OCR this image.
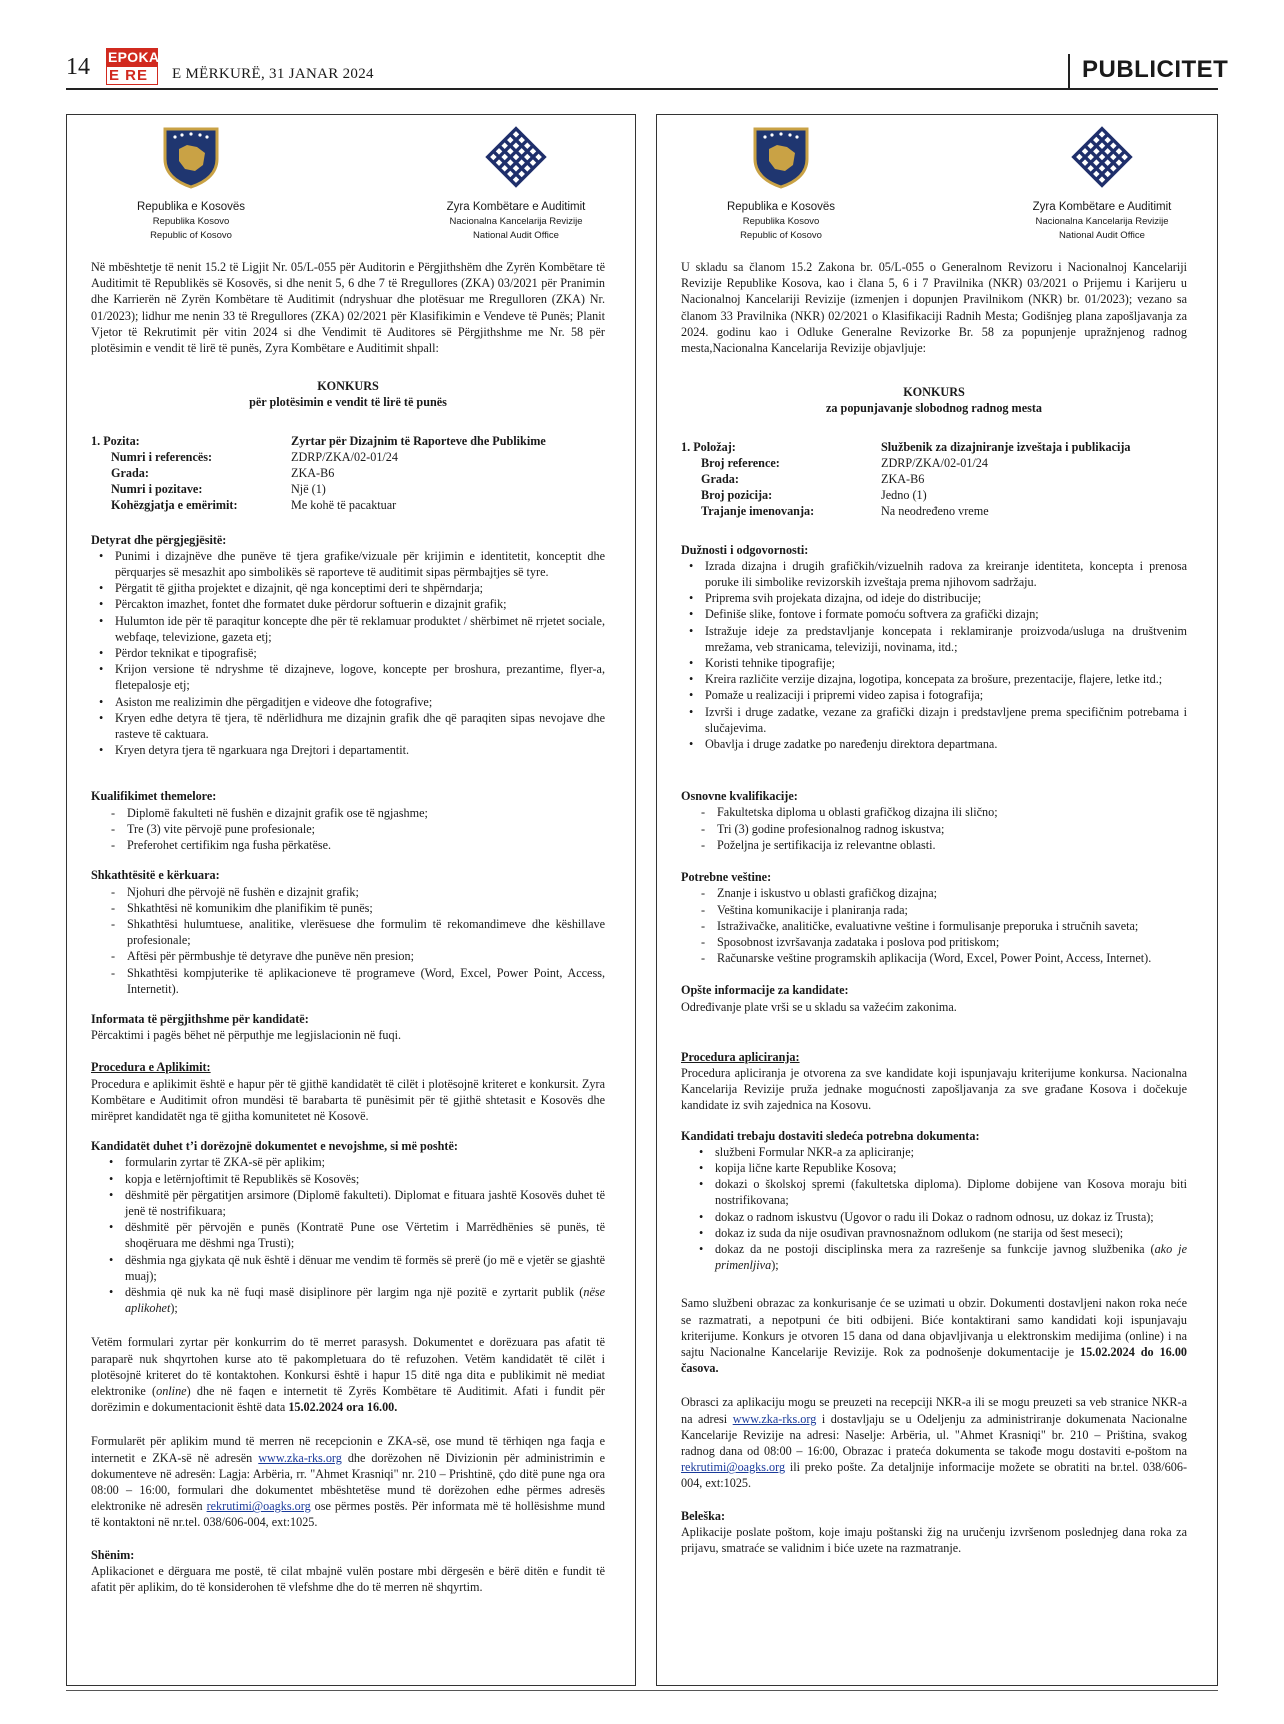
14 EPOKA
E RE	E MËRKURË, 31 JANAR 2024	PUBLICITET
Republika e Kosovës
Republika Kosovo
Republic of Kosovo
Zyra Kombëtare e Auditimit
Nacionalna Kancelarija Revizije
National Audit Office

Në mbështetje të nenit 15.2 të Ligjit Nr. 05/L-055 për Auditorin e Përgjithshëm dhe Zyrën Kombëtare të Auditimit të Republikës së Kosovës, si dhe nenit 5, 6 dhe 7 të Rregullores (ZKA) 03/2021 për Pranimin dhe Karrierën në Zyrën Kombëtare të Auditimit (ndryshuar dhe plotësuar me Rregulloren (ZKA) Nr. 01/2023); lidhur me nenin 33 të Rregullores (ZKA) 02/2021 për Klasifikimin e Vendeve të Punës; Planit Vjetor të Rekrutimit për vitin 2024 si dhe Vendimit të Auditores së Përgjithshme me Nr. 58 për plotësimin e vendit të lirë të punës, Zyra Kombëtare e Auditimit shpall:

KONKURS
për plotësimin e vendit të lirë të punës
1. Pozita:	Zyrtar për Dizajnim të Raporteve dhe Publikime
Numri i referencës:	ZDRP/ZKA/02-01/24
Grada:	ZKA-B6
Numri i pozitave:	Një (1)
Kohëzgjatja e emërimit:	Me kohë të pacaktuar
Detyrat dhe përgjegjësitë:
• Punimi i dizajnëve dhe punëve të tjera grafike/vizuale për krijimin e identitetit, konceptit dhe përquarjes së mesazhit apo simbolikës së raporteve të auditimit sipas përmbajtjes së tyre.
• Përgatit të gjitha projektet e dizajnit, që nga konceptimi deri te shpërndarja;
• Përcakton imazhet, fontet dhe formatet duke përdorur softuerin e dizajnit grafik;
• Hulumton ide për të paraqitur koncepte dhe për të reklamuar produktet / shërbimet në rrjetet sociale, webfaqe, televizione, gazeta etj;
• Përdor teknikat e tipografisë;
• Krijon versione të ndryshme të dizajneve, logove, koncepte per broshura, prezantime, flyer-a, fletepalosje etj;
• Asiston me realizimin dhe përgaditjen e videove dhe fotografive;
• Kryen edhe detyra të tjera, të ndërlidhura me dizajnin grafik dhe që paraqiten sipas nevojave dhe rasteve të caktuara.
• Kryen detyra tjera të ngarkuara nga Drejtori i departamentit.
Kualifikimet themelore:
- Diplomë fakulteti në fushën e dizajnit grafik ose të ngjashme;
- Tre (3) vite përvojë pune profesionale;
- Preferohet certifikim nga fusha përkatëse.
Shkathtësitë e kërkuara:
- Njohuri dhe përvojë në fushën e dizajnit grafik;
- Shkathtësi në komunikim dhe planifikim të punës;
- Shkathtësi hulumtuese, analitike, vlerësuese dhe formulim të rekomandimeve dhe këshillave profesionale;
- Aftësi për përmbushje të detyrave dhe punëve nën presion;
- Shkathtësi kompjuterike të aplikacioneve të programeve (Word, Excel, Power Point, Access, Internetit).
Informata të përgjithshme për kandidatë:

Përcaktimi i pagës bëhet në përputhje me legjislacionin në fuqi.

Procedura e Aplikimit:

Procedura e aplikimit është e hapur për të gjithë kandidatët të cilët i plotësojnë kriteret e konkursit. Zyra Kombëtare e Auditimit ofron mundësi të barabarta të punësimit për të gjithë shtetasit e Kosovës dhe mirëpret kandidatët nga të gjitha komunitetet në Kosovë.

Kandidatët duhet t’i dorëzojnë dokumentet e nevojshme, si më poshtë:
• formularin zyrtar të ZKA-së për aplikim;
• kopja e letërnjoftimit të Republikës së Kosovës;
• dëshmitë për përgatitjen arsimore (Diplomë fakulteti). Diplomat e fituara jashtë Kosovës duhet të jenë të nostrifikuara;
• dëshmitë për përvojën e punës (Kontratë Pune ose Vërtetim i Marrëdhënies së punës, të shoqëruara me dëshmi nga Trusti);
• dëshmia nga gjykata që nuk është i dënuar me vendim të formës së prerë (jo më e vjetër se gjashtë muaj);
• dëshmia që nuk ka në fuqi masë disiplinore për largim nga një pozitë e zyrtarit publik (nëse aplikohet);

Vetëm formulari zyrtar për konkurrim do të merret parasysh. Dokumentet e dorëzuara pas afatit të paraparë nuk shqyrtohen kurse ato të pakompletuara do të refuzohen. Vetëm kandidatët të cilët i plotësojnë kriteret do të kontaktohen. Konkursi është i hapur 15 ditë nga dita e publikimit në mediat elektronike (online) dhe në faqen e internetit të Zyrës Kombëtare të Auditimit. Afati i fundit për dorëzimin e dokumentacionit është data 15.02.2024 ora 16.00.

Formularët për aplikim mund të merren në recepcionin e ZKA-së, ose mund të tërhiqen nga faqja e internetit e ZKA-së në adresën www.zka-rks.org dhe dorëzohen në Divizionin për administrimin e dokumenteve në adresën: Lagja: Arbëria, rr. "Ahmet Krasniqi" nr. 210 – Prishtinë, çdo ditë pune nga ora 08:00 – 16:00, formulari dhe dokumentet mbështetëse mund të dorëzohen edhe përmes adresës elektronike në adresën rekrutimi@oagks.org ose përmes postës. Për informata më të hollësishme mund të kontaktoni në nr.tel. 038/606-004, ext:1025.

Shënim:

Aplikacionet e dërguara me postë, të cilat mbajnë vulën postare mbi dërgesën e bërë ditën e fundit të afatit për aplikim, do të konsiderohen të vlefshme dhe do të merren në shqyrtim.

Republika e Kosovës
Republika Kosovo
Republic of Kosovo
Zyra Kombëtare e Auditimit
Nacionalna Kancelarija Revizije
National Audit Office

U skladu sa članom 15.2 Zakona br. 05/L-055 o Generalnom Revizoru i Nacionalnoj Kancelariji Revizije Republike Kosova, kao i člana 5, 6 i 7 Pravilnika (NKR) 03/2021 o Prijemu i Karijeru u Nacionalnoj Kancelariji Revizije (izmenjen i dopunjen Pravilnikom (NKR) br. 01/2023); vezano sa članom 33 Pravilnika (NKR) 02/2021 o Klasifikaciji Radnih Mesta; Godišnjeg plana zapošljavanja za 2024. godinu kao i Odluke Generalne Revizorke Br. 58 za popunjenje upražnjenog radnog mesta,Nacionalna Kancelarija Revizije objavljuje:

KONKURS
za popunjavanje slobodnog radnog mesta
1. Položaj:	Službenik za dizajniranje izveštaja i publikacija
Broj reference:	ZDRP/ZKA/02-01/24
Grada:	ZKA-B6
Broj pozicija:	Jedno (1)
Trajanje imenovanja:	Na neodređeno vreme
Dužnosti i odgovornosti:
• Izrada dizajna i drugih grafičkih/vizuelnih radova za kreiranje identiteta, koncepta i prenosa poruke ili simbolike revizorskih izveštaja prema njihovom sadržaju.
• Priprema svih projekata dizajna, od ideje do distribucije;
• Definiše slike, fontove i formate pomoću softvera za grafički dizajn;
• Istražuje ideje za predstavljanje koncepata i reklamiranje proizvoda/usluga na društvenim mrežama, veb stranicama, televiziji, novinama, itd.;
• Koristi tehnike tipografije;
• Kreira različite verzije dizajna, logotipa, koncepata za brošure, prezentacije, flajere, letke itd.;
• Pomaže u realizaciji i pripremi video zapisa i fotografija;
• Izvrši i druge zadatke, vezane za grafički dizajn i predstavljene prema specifičnim potrebama i slučajevima.
• Obavlja i druge zadatke po naređenju direktora departmana.
Osnovne kvalifikacije:
- Fakultetska diploma u oblasti grafičkog dizajna ili slično;
- Tri (3) godine profesionalnog radnog iskustva;
- Poželjna je sertifikacija iz relevantne oblasti.
Potrebne veštine:
- Znanje i iskustvo u oblasti grafičkog dizajna;
- Veština komunikacije i planiranja rada;
- Istraživačke, analitičke, evaluativne veštine i formulisanje preporuka i stručnih saveta;
- Sposobnost izvršavanja zadataka i poslova pod pritiskom;
- Računarske veštine programskih aplikacija (Word, Excel, Power Point, Access, Internet).
Opšte informacije za kandidate:

Određivanje plate vrši se u skladu sa važećim zakonima.

Procedura apliciranja:

Procedura apliciranja je otvorena za sve kandidate koji ispunjavaju kriterijume konkursa. Nacionalna Kancelarija Revizije pruža jednake mogućnosti zapošljavanja za sve građane Kosova i dočekuje kandidate iz svih zajednica na Kosovu.

Kandidati trebaju dostaviti sledeća potrebna dokumenta:
• službeni Formular NKR-a za apliciranje;
• kopija lične karte Republike Kosova;
• dokazi o školskoj spremi (fakultetska diploma). Diplome dobijene van Kosova moraju biti nostrifikovana;
• dokaz o radnom iskustvu (Ugovor o radu ili Dokaz o radnom odnosu, uz dokaz iz Trusta);
• dokaz iz suda da nije osuđivan pravnosnažnom odlukom (ne starija od šest meseci);
• dokaz da ne postoji disciplinska mera za razrešenje sa funkcije javnog službenika (ako je primenljiva);

Samo službeni obrazac za konkurisanje će se uzimati u obzir. Dokumenti dostavljeni nakon roka neće se razmatrati, a nepotpuni će biti odbijeni. Biće kontaktirani samo kandidati koji ispunjavaju kriterijume. Konkurs je otvoren 15 dana od dana objavljivanja u elektronskim medijima (online) i na sajtu Nacionalne Kancelarije Revizije. Rok za podnošenje dokumentacije je 15.02.2024 do 16.00 časova.

Obrasci za aplikaciju mogu se preuzeti na recepciji NKR-a ili se mogu preuzeti sa veb stranice NKR-a na adresi www.zka-rks.org i dostavljaju se u Odeljenju za administriranje dokumenata Nacionalne Kancelarije Revizije na adresi: Naselje: Arbëria, ul. "Ahmet Krasniqi" br. 210 – Priština, svakog radnog dana od 08:00 – 16:00, Obrazac i prateća dokumenta se takođe mogu dostaviti e-poštom na rekrutimi@oagks.org ili preko pošte. Za detaljnije informacije možete se obratiti na br.tel. 038/606-004, ext:1025.

Beleška:

Aplikacije poslate poštom, koje imaju poštanski žig na uručenju izvršenom poslednjeg dana roka za prijavu, smatraće se validnim i biće uzete na razmatranje.
